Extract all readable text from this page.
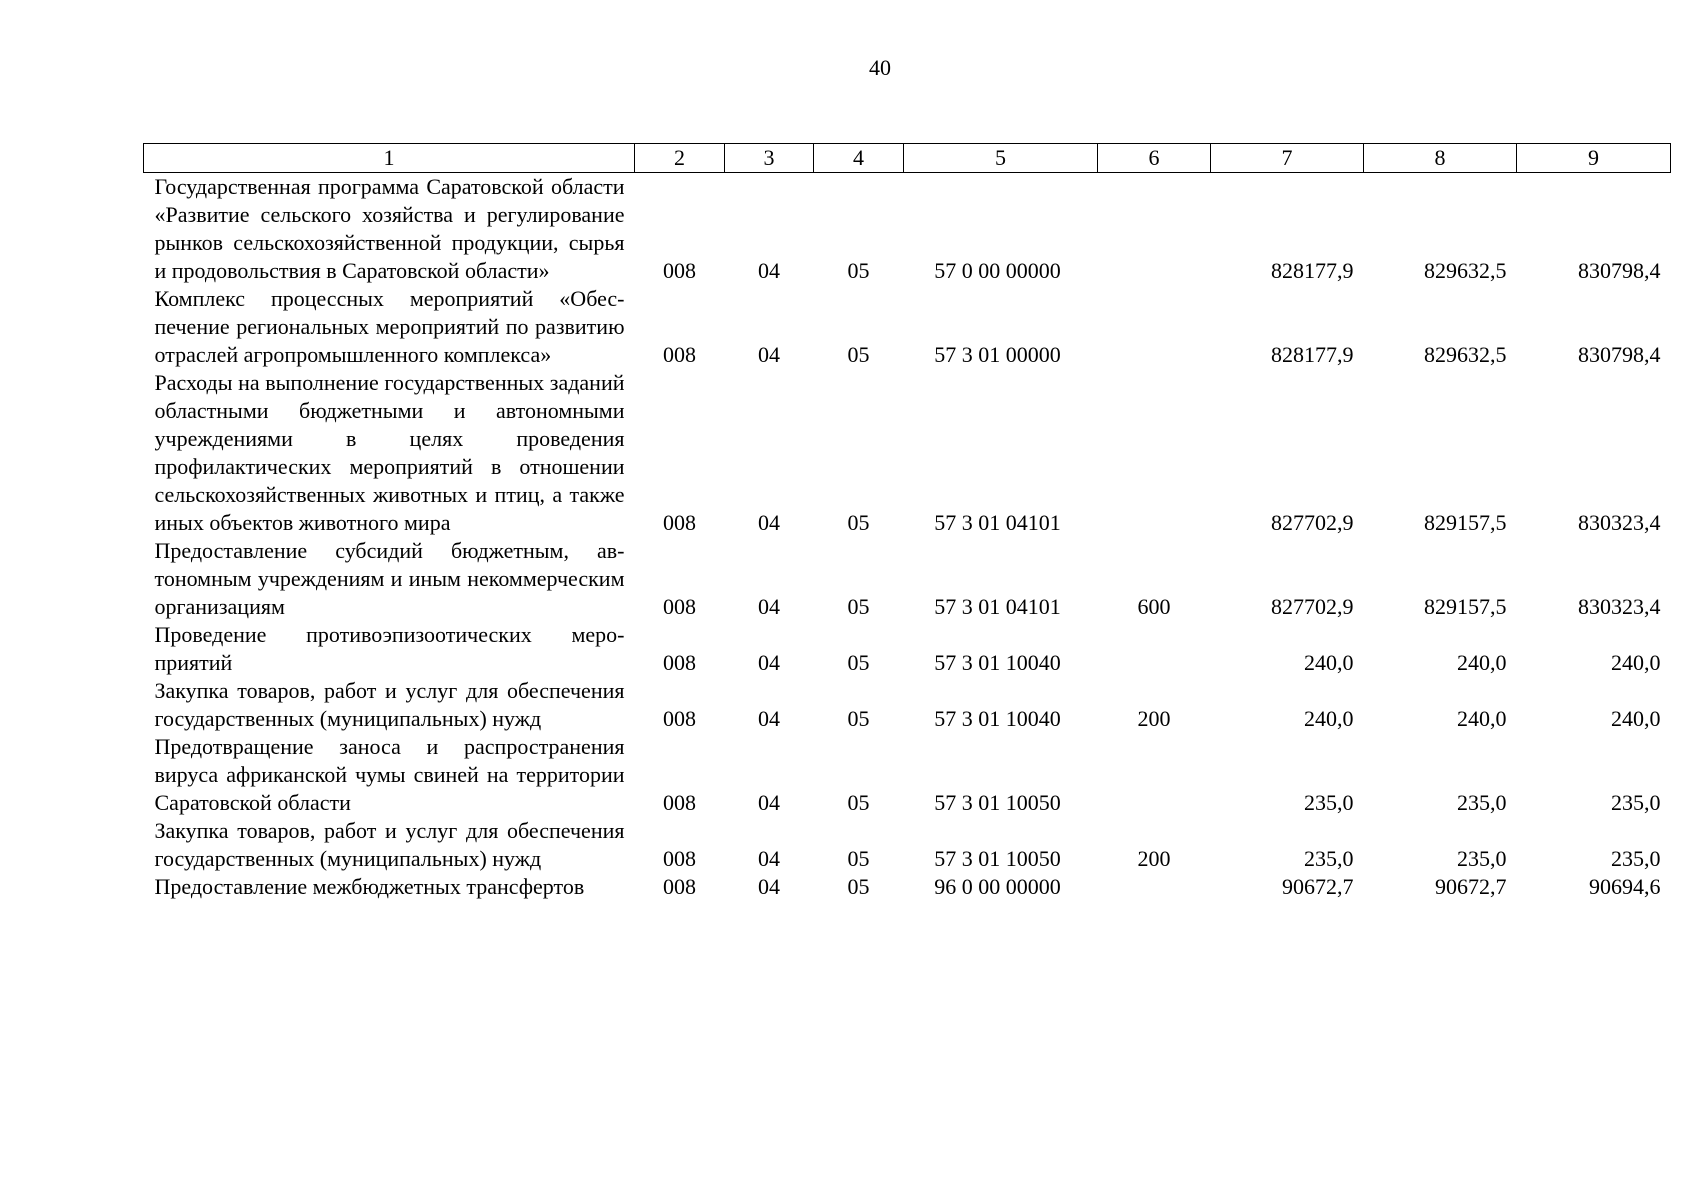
40
1	2	3	4	5	6	7	8	9
Государственная программа Саратовской области «Развитие сельского хозяйства и регулирование рынков сельскохозяйственной продукции, сырья и продовольствия в Саратовской области»	008	04	05	57 0 00 00000		828177,9	829632,5	830798,4
Комплекс процессных мероприятий «Обеспечение региональных мероприятий по развитию отраслей агропромышленного комплекса»	008	04	05	57 3 01 00000		828177,9	829632,5	830798,4
Расходы на выполнение государственных заданий областными бюджетными и автономными учреждениями в целях проведения профилактических мероприятий в отношении сельскохозяйственных животных и птиц, а также иных объектов животного мира	008	04	05	57 3 01 04101		827702,9	829157,5	830323,4
Предоставление субсидий бюджетным, автономным учреждениям и иным некоммерческим организациям	008	04	05	57 3 01 04101	600	827702,9	829157,5	830323,4
Проведение противоэпизоотических мероприятий	008	04	05	57 3 01 10040		240,0	240,0	240,0
Закупка товаров, работ и услуг для обеспечения государственных (муниципальных) нужд	008	04	05	57 3 01 10040	200	240,0	240,0	240,0
Предотвращение заноса и распространения вируса африканской чумы свиней на территории Саратовской области	008	04	05	57 3 01 10050		235,0	235,0	235,0
Закупка товаров, работ и услуг для обеспечения государственных (муниципальных) нужд	008	04	05	57 3 01 10050	200	235,0	235,0	235,0
Предоставление межбюджетных трансфертов	008	04	05	96 0 00 00000		90672,7	90672,7	90694,6
